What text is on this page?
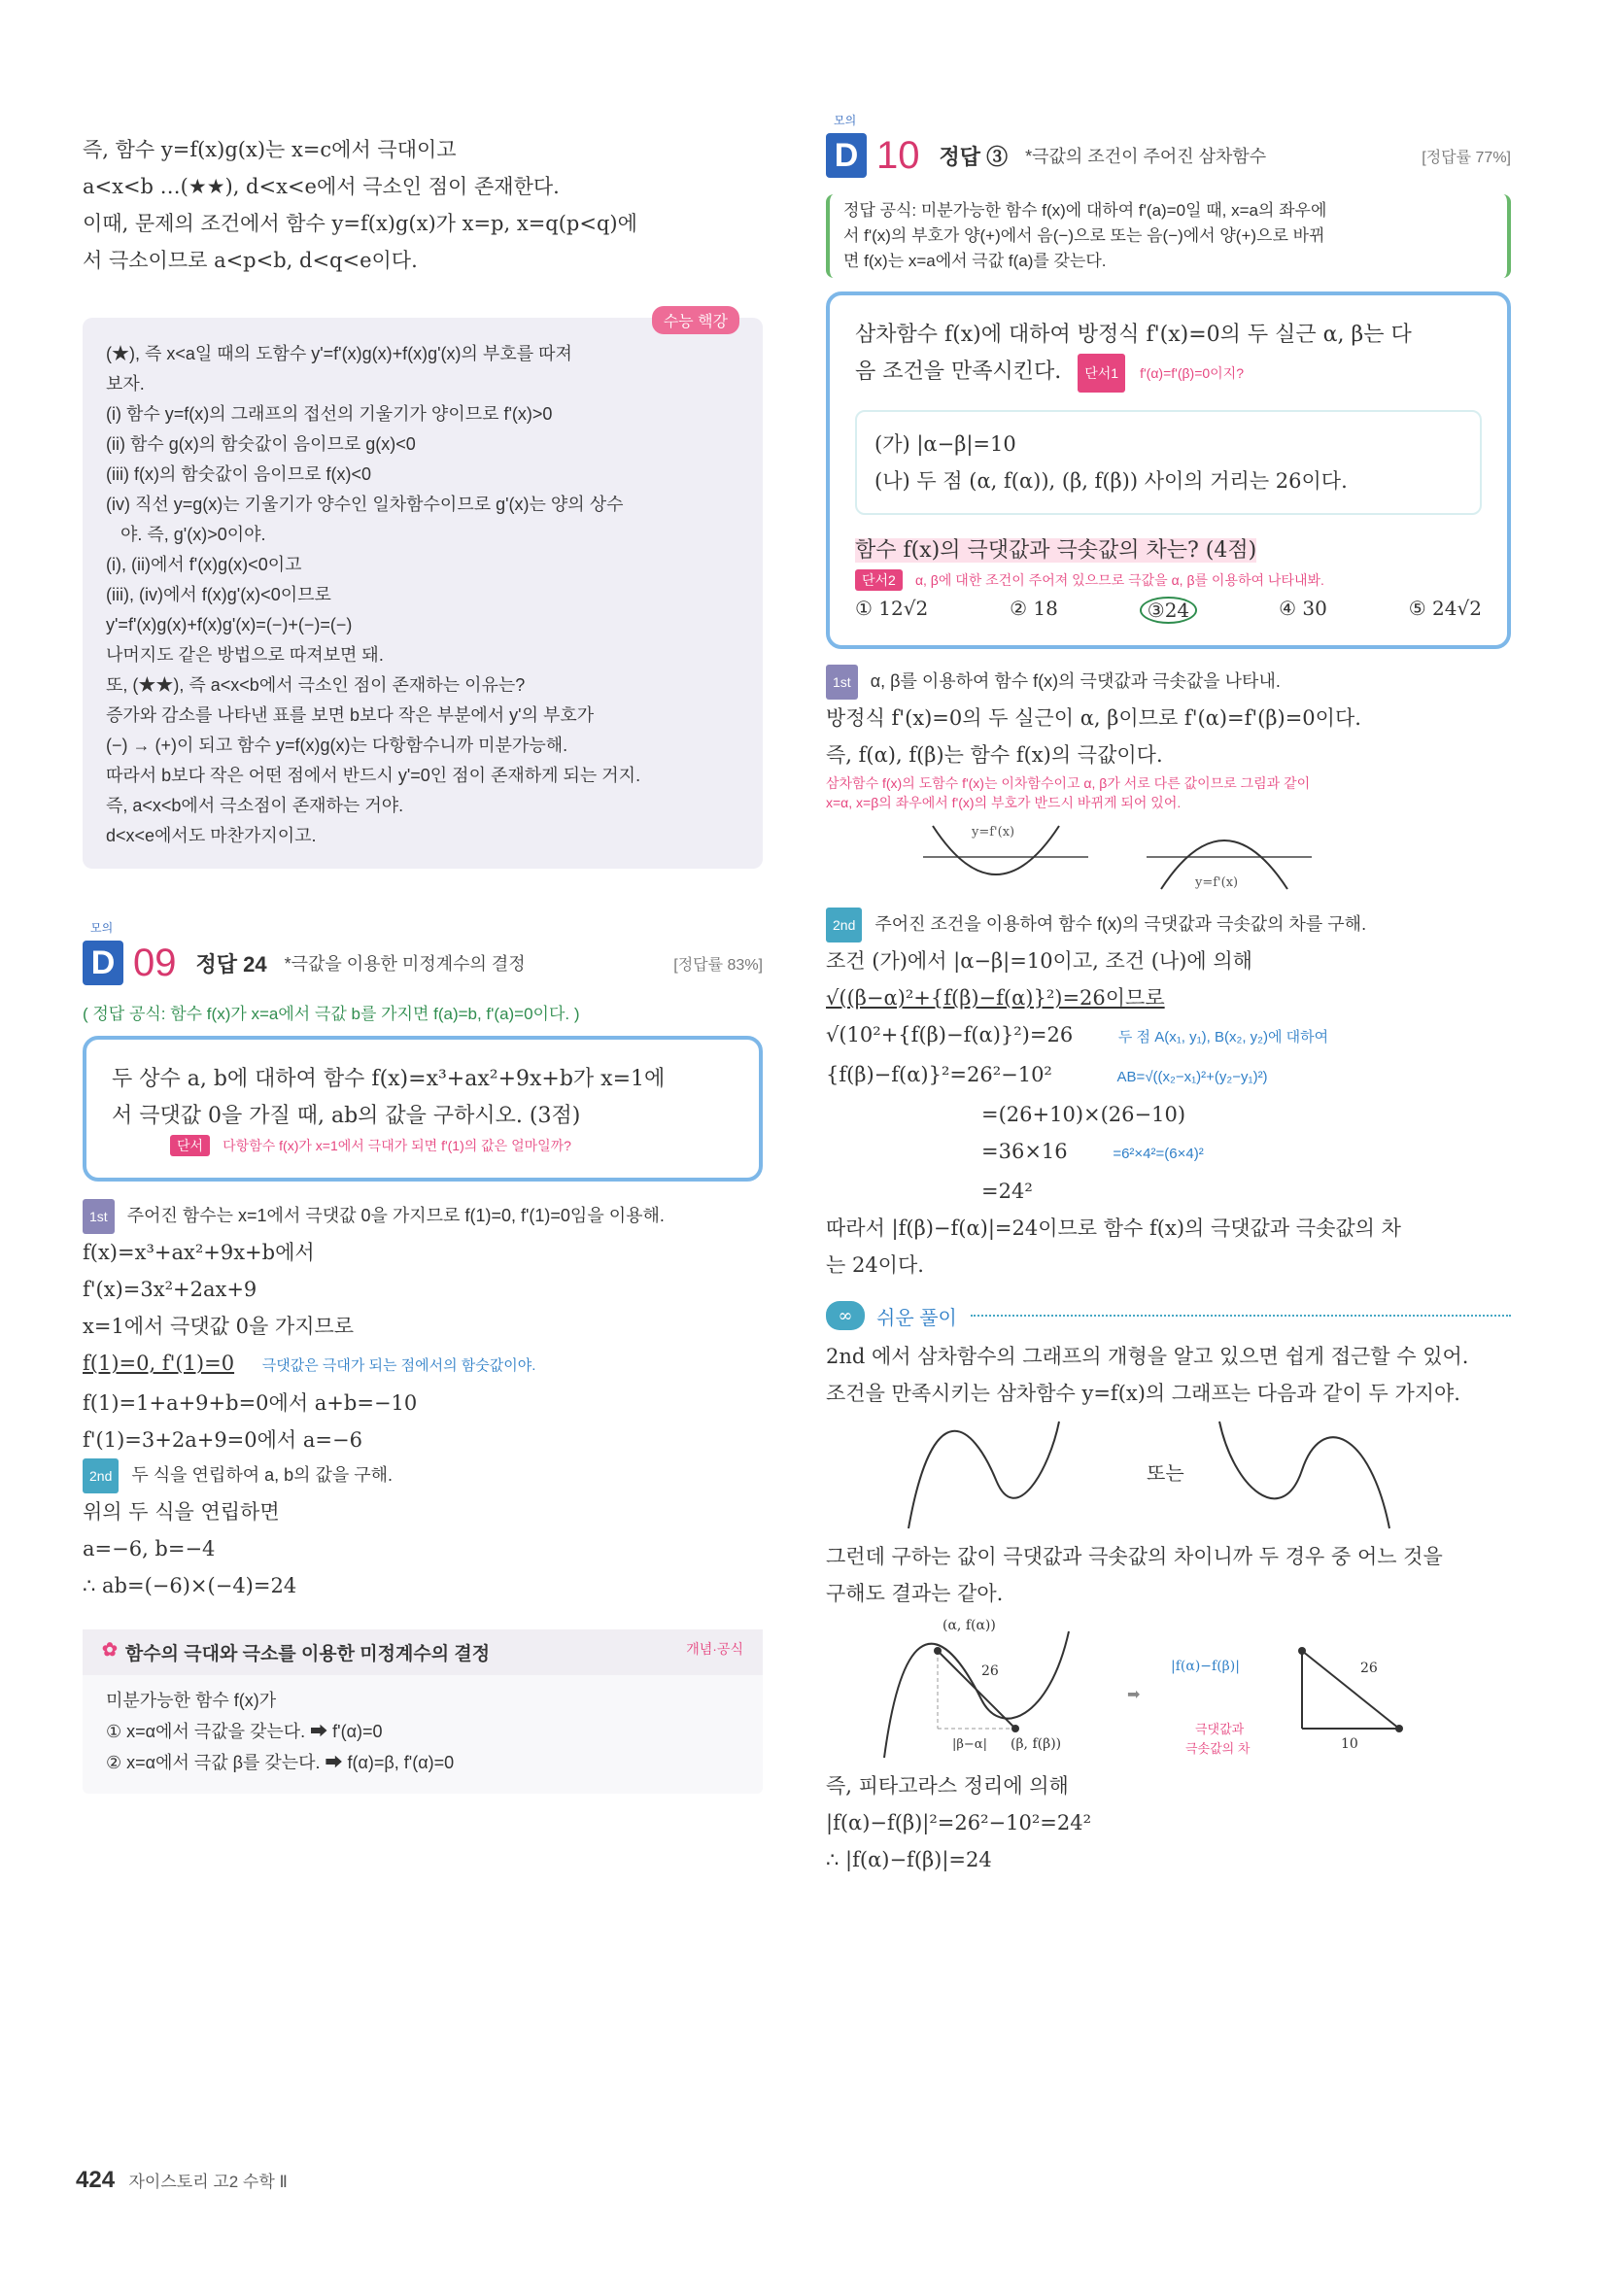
즉, 함수 y=f(x)g(x)는 x=c에서 극대이고
a<x<b …(★★), d<x<e에서 극소인 점이 존재한다.
이때, 문제의 조건에서 함수 y=f(x)g(x)가 x=p, x=q(p<q)에
서 극소이므로 a<p<b, d<q<e이다.
수능 핵강
(★), 즉 x<a일 때의 도함수 y'=f'(x)g(x)+f(x)g'(x)의 부호를 따져
보자.
(i) 함수 y=f(x)의 그래프의 접선의 기울기가 양이므로 f'(x)>0
(ii) 함수 g(x)의 함숫값이 음이므로 g(x)<0
(iii) f(x)의 함숫값이 음이므로 f(x)<0
(iv) 직선 y=g(x)는 기울기가 양수인 일차함수이므로 g'(x)는 양의 상수
야. 즉, g'(x)>0이야.
(i), (ii)에서 f'(x)g(x)<0이고
(iii), (iv)에서 f(x)g'(x)<0이므로
y'=f'(x)g(x)+f(x)g'(x)=(−)+(−)=(−)
나머지도 같은 방법으로 따져보면 돼.
또, (★★), 즉 a<x<b에서 극소인 점이 존재하는 이유는?
증가와 감소를 나타낸 표를 보면 b보다 작은 부분에서 y'의 부호가
(−) → (+)이 되고 함수 y=f(x)g(x)는 다항함수니까 미분가능해.
따라서 b보다 작은 어떤 점에서 반드시 y'=0인 점이 존재하게 되는 거지.
즉, a<x<b에서 극소점이 존재하는 거야.
d<x<e에서도 마찬가지이고.
모의
D 09 정답 24 *극값을 이용한 미정계수의 결정	[정답률 83%]
( 정답 공식: 함수 f(x)가 x=a에서 극값 b를 가지면 f(a)=b, f'(a)=0이다. )
두 상수 a, b에 대하여 함수 f(x)=x³+ax²+9x+b가 x=1에
서 극댓값 0을 가질 때, ab의 값을 구하시오. (3점)
단서 다항함수 f(x)가 x=1에서 극대가 되면 f'(1)의 값은 얼마일까?
1st 주어진 함수는 x=1에서 극댓값 0을 가지므로 f(1)=0, f'(1)=0임을 이용해.
f(x)=x³+ax²+9x+b에서
f'(x)=3x²+2ax+9
x=1에서 극댓값 0을 가지므로
f(1)=0, f'(1)=0 극댓값은 극대가 되는 점에서의 함숫값이야.
f(1)=1+a+9+b=0에서 a+b=−10
f'(1)=3+2a+9=0에서 a=−6
2nd 두 식을 연립하여 a, b의 값을 구해.
위의 두 식을 연립하면
a=−6, b=−4
∴ ab=(−6)×(−4)=24
✿ 함수의 극대와 극소를 이용한 미정계수의 결정	개념·공식
미분가능한 함수 f(x)가
① x=α에서 극값을 갖는다. ➡ f'(α)=0
② x=α에서 극값 β를 갖는다. ➡ f(α)=β, f'(α)=0
모의
D 10 정답 ③ *극값의 조건이 주어진 삼차함수	[정답률 77%]
정답 공식: 미분가능한 함수 f(x)에 대하여 f'(a)=0일 때, x=a의 좌우에
서 f'(x)의 부호가 양(+)에서 음(−)으로 또는 음(−)에서 양(+)으로 바뀌
면 f(x)는 x=a에서 극값 f(a)를 갖는다.
삼차함수 f(x)에 대하여 방정식 f'(x)=0의 두 실근 α, β는 다
음 조건을 만족시킨다. 단서1 f'(α)=f'(β)=0이지?
(가) |α−β|=10
(나) 두 점 (α, f(α)), (β, f(β)) 사이의 거리는 26이다.
함수 f(x)의 극댓값과 극솟값의 차는? (4점)
단서2 α, β에 대한 조건이 주어져 있으므로 극값을 α, β를 이용하여 나타내봐.
① 12√2	② 18	③24	④ 30	⑤ 24√2
1st α, β를 이용하여 함수 f(x)의 극댓값과 극솟값을 나타내.
방정식 f'(x)=0의 두 실근이 α, β이므로 f'(α)=f'(β)=0이다.
즉, f(α), f(β)는 함수 f(x)의 극값이다.
삼차함수 f(x)의 도함수 f'(x)는 이차함수이고 α, β가 서로 다른 값이므로 그림과 같이
x=α, x=β의 좌우에서 f'(x)의 부호가 반드시 바뀌게 되어 있어.
y=f'(x)
y=f'(x)
2nd 주어진 조건을 이용하여 함수 f(x)의 극댓값과 극솟값의 차를 구해.
조건 (가)에서 |α−β|=10이고, 조건 (나)에 의해
√((β−α)²+{f(β)−f(α)}²)=26이므로
√(10²+{f(β)−f(α)}²)=26	두 점 A(x₁, y₁), B(x₂, y₂)에 대하여
{f(β)−f(α)}²=26²−10²	AB=√((x₂−x₁)²+(y₂−y₁)²)
=(26+10)×(26−10)
=36×16	=6²×4²=(6×4)²
=24²
따라서 |f(β)−f(α)|=24이므로 함수 f(x)의 극댓값과 극솟값의 차
는 24이다.
∞	쉬운 풀이
2nd 에서 삼차함수의 그래프의 개형을 알고 있으면 쉽게 접근할 수 있어.
조건을 만족시키는 삼차함수 y=f(x)의 그래프는 다음과 같이 두 가지야.
또는
그런데 구하는 값이 극댓값과 극솟값의 차이니까 두 경우 중 어느 것을
구해도 결과는 같아.
(α, f(α))
(β, f(β))
26
|β−α|
➡
|f(α)−f(β)|	26
10
극댓값과
극솟값의 차
즉, 피타고라스 정리에 의해
|f(α)−f(β)|²=26²−10²=24²
∴ |f(α)−f(β)|=24
424 자이스토리 고2 수학 Ⅱ
